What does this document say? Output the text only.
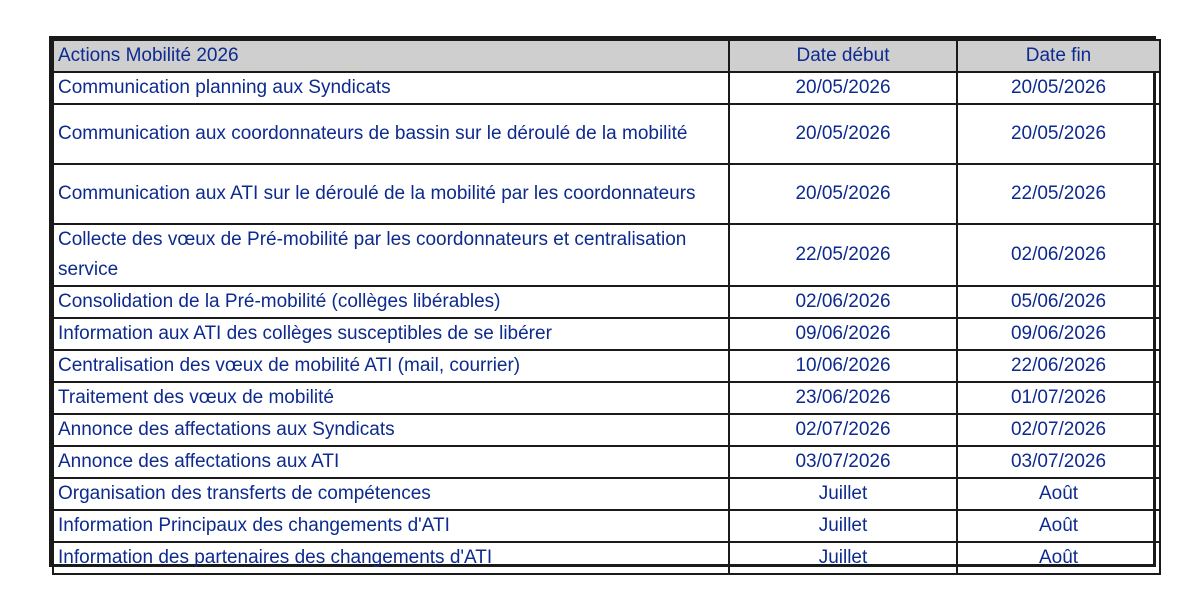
Actions Mobilité 2026	Date début	Date fin
Communication planning aux Syndicats	20/05/2026	20/05/2026
Communication aux coordonnateurs de bassin sur le déroulé de la mobilité	20/05/2026	20/05/2026
Communication aux ATI sur le déroulé de la mobilité par les coordonnateurs	20/05/2026	22/05/2026
Collecte des vœux de Pré-mobilité par les coordonnateurs et centralisation service	22/05/2026	02/06/2026
Consolidation de la Pré-mobilité (collèges libérables)	02/06/2026	05/06/2026
Information aux ATI des collèges susceptibles de se libérer	09/06/2026	09/06/2026
Centralisation des vœux de mobilité ATI (mail, courrier)	10/06/2026	22/06/2026
Traitement des vœux de mobilité	23/06/2026	01/07/2026
Annonce des affectations aux Syndicats	02/07/2026	02/07/2026
Annonce des affectations aux ATI	03/07/2026	03/07/2026
Organisation des transferts de compétences	Juillet	Août
Information Principaux des changements d'ATI	Juillet	Août
Information des partenaires des changements d'ATI	Juillet	Août
